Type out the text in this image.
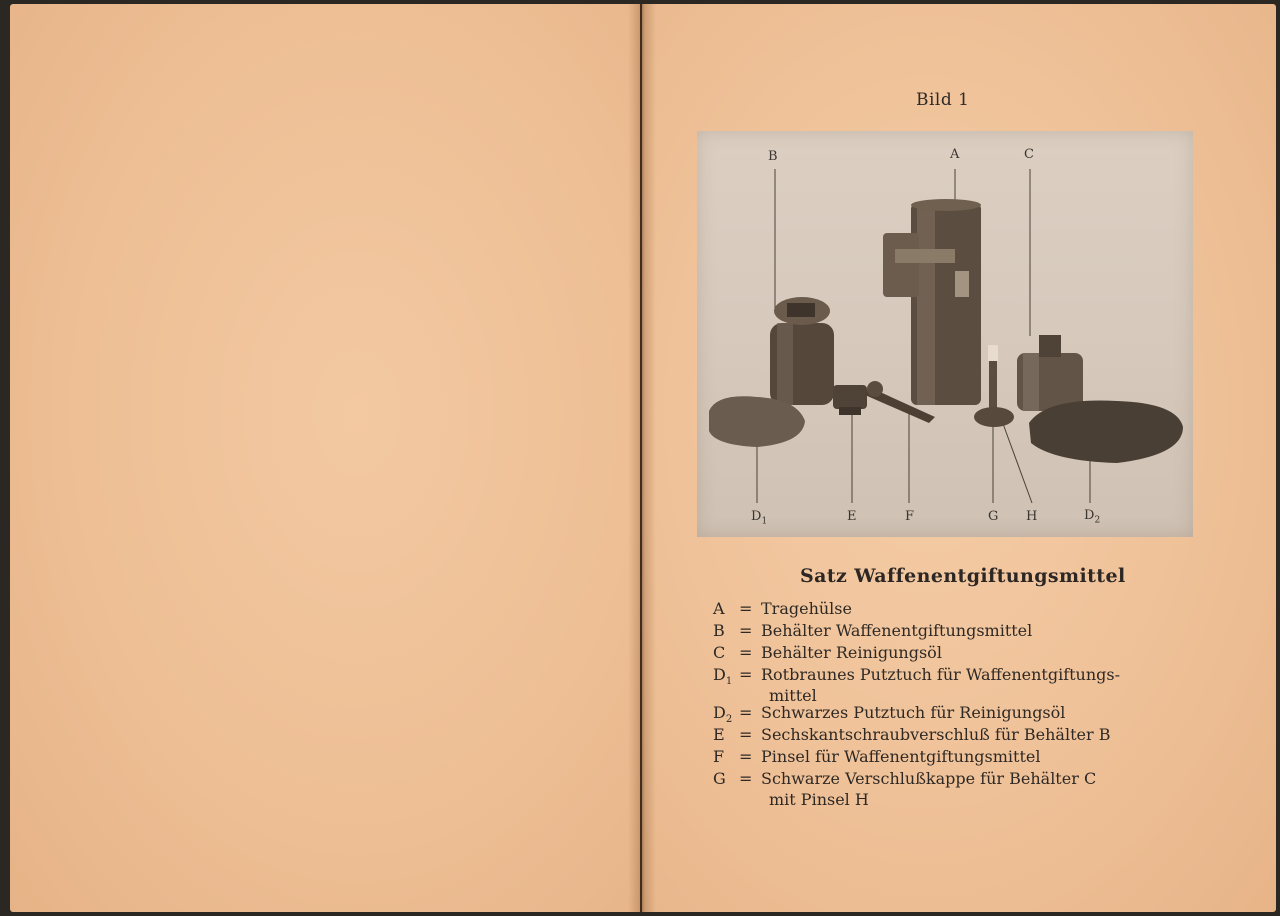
Bild 1
B	A	C
$D_1$	E	F	G H	$D_2$
Satz Waffenentgiftungsmittel
A = Tragehülse
B = Behälter Waffenentgiftungsmittel
C = Behälter Reinigungsöl
$D_1$ = Rotbraunes Putztuch für Waffenentgiftungs-
mittel
$D_2$ = Schwarzes Putztuch für Reinigungsöl
E = Sechskantschraubverschluß für Behälter B
F = Pinsel für Waffenentgiftungsmittel
G = Schwarze Verschlußkappe für Behälter C
mit Pinsel H
